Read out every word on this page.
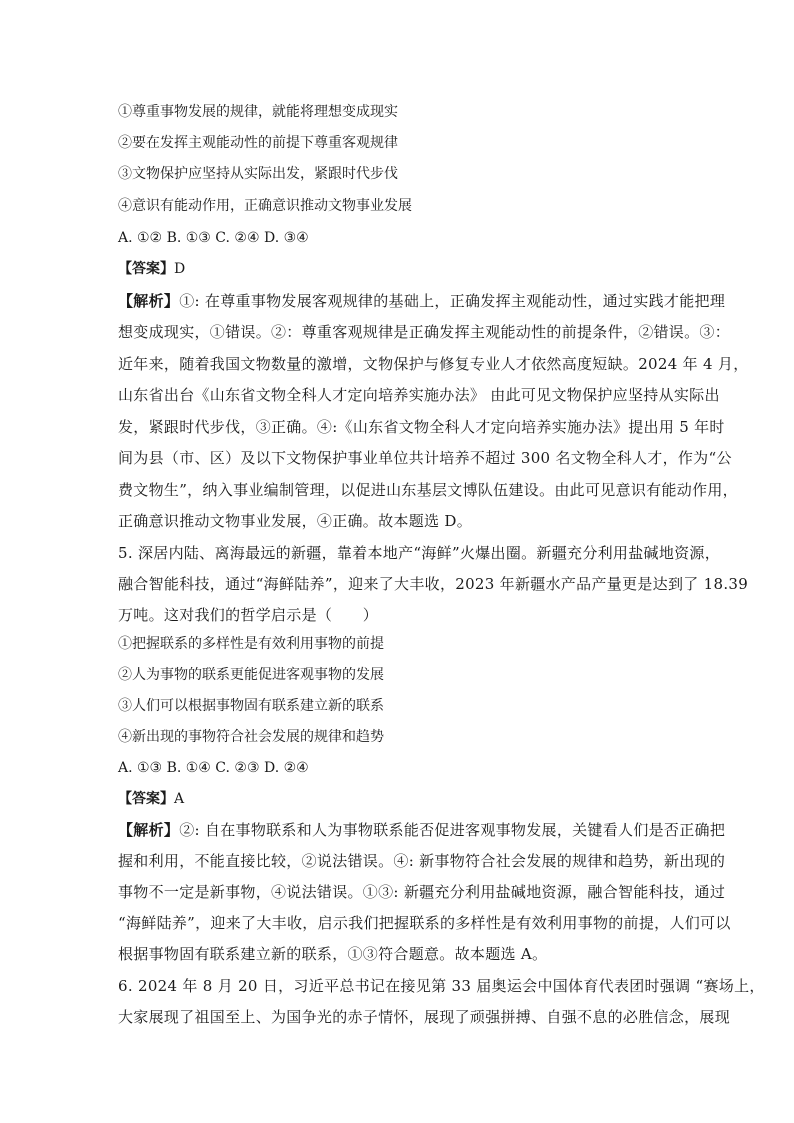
①尊重事物发展的规律，就能将理想变成现实
②要在发挥主观能动性的前提下尊重客观规律
③文物保护应坚持从实际出发，紧跟时代步伐
④意识有能动作用，正确意识推动文物事业发展
A. ①② B. ①③ C. ②④ D. ③④
【答案】D
【解析】①: 在尊重事物发展客观规律的基础上，正确发挥主观能动性，通过实践才能把理
想变成现实，①错误。②：尊重客观规律是正确发挥主观能动性的前提条件，②错误。③：
近年来，随着我国文物数量的激增，文物保护与修复专业人才依然高度短缺。2024 年 4 月，
山东省出台《山东省文物全科人才定向培养实施办法》 由此可见文物保护应坚持从实际出
发，紧跟时代步伐，③正确。④:《山东省文物全科人才定向培养实施办法》提出用 5 年时
间为县（市、区）及以下文物保护事业单位共计培养不超过 300 名文物全科人才，作为“公
费文物生”，纳入事业编制管理，以促进山东基层文博队伍建设。由此可见意识有能动作用，
正确意识推动文物事业发展，④正确。故本题选 D。
5. 深居内陆、离海最远的新疆，靠着本地产“海鲜”火爆出圈。新疆充分利用盐碱地资源，
融合智能科技，通过“海鲜陆养”，迎来了大丰收，2023 年新疆水产品产量更是达到了 18.39
万吨。这对我们的哲学启示是（　　）
①把握联系的多样性是有效利用事物的前提
②人为事物的联系更能促进客观事物的发展
③人们可以根据事物固有联系建立新的联系
④新出现的事物符合社会发展的规律和趋势
A. ①③ B. ①④ C. ②③ D. ②④
【答案】A
【解析】②: 自在事物联系和人为事物联系能否促进客观事物发展，关键看人们是否正确把
握和利用，不能直接比较，②说法错误。④: 新事物符合社会发展的规律和趋势，新出现的
事物不一定是新事物，④说法错误。①③: 新疆充分利用盐碱地资源，融合智能科技，通过
“海鲜陆养”，迎来了大丰收，启示我们把握联系的多样性是有效利用事物的前提，人们可以
根据事物固有联系建立新的联系，①③符合题意。故本题选 A。
6. 2024 年 8 月 20 日，习近平总书记在接见第 33 届奥运会中国体育代表团时强调 “赛场上，
大家展现了祖国至上、为国争光的赤子情怀，展现了顽强拼搏、自强不息的必胜信念，展现
